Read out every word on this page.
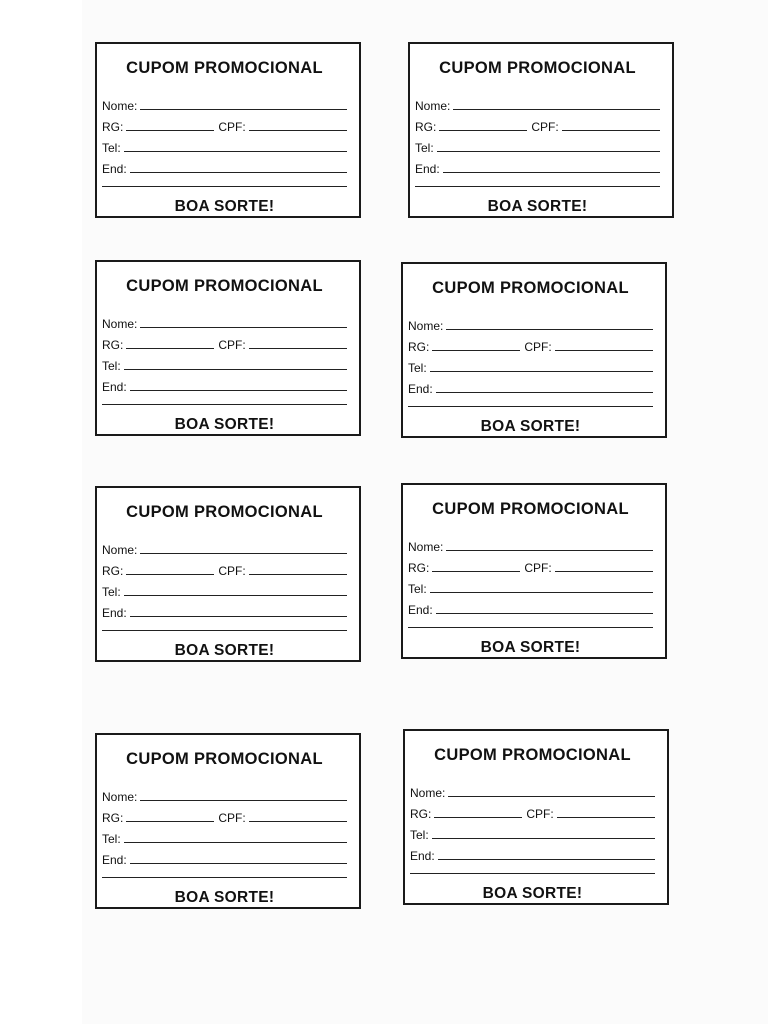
CUPOM PROMOCIONAL
Nome:
RG:	CPF:
Tel:
End:
BOA SORTE!
CUPOM PROMOCIONAL
Nome:
RG:	CPF:
Tel:
End:
BOA SORTE!
CUPOM PROMOCIONAL
Nome:
RG:	CPF:
Tel:
End:
BOA SORTE!
CUPOM PROMOCIONAL
Nome:
RG:	CPF:
Tel:
End:
BOA SORTE!
CUPOM PROMOCIONAL
Nome:
RG:	CPF:
Tel:
End:
BOA SORTE!
CUPOM PROMOCIONAL
Nome:
RG:	CPF:
Tel:
End:
BOA SORTE!
CUPOM PROMOCIONAL
Nome:
RG:	CPF:
Tel:
End:
BOA SORTE!
CUPOM PROMOCIONAL
Nome:
RG:	CPF:
Tel:
End:
BOA SORTE!
